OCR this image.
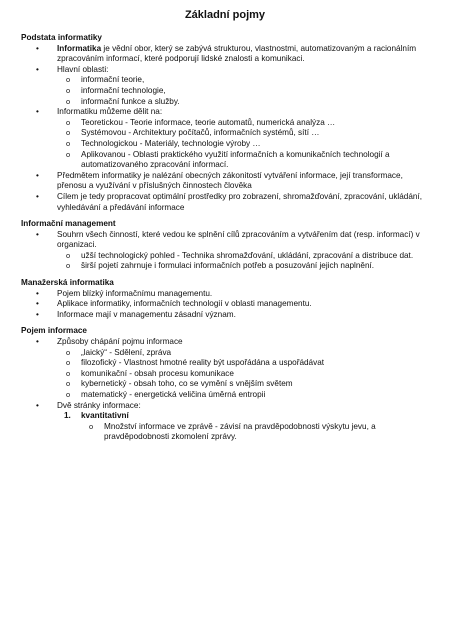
Základní pojmy
Podstata informatiky
• Informatika je vědní obor, který se zabývá strukturou, vlastnostmi, automatizovaným a racionálním zpracováním informací, které podporují lidské znalosti a komunikaci.
• Hlavní oblasti:
o informační teorie,
o informační technologie,
o informační funkce a služby.
• Informatiku můžeme dělit na:
o Teoretickou - Teorie informace, teorie automatů, numerická analýza …
o Systémovou - Architektury počítačů, informačních systémů, sítí …
o Technologickou - Materiály, technologie výroby …
o Aplikovanou - Oblasti praktického využití informačních a komunikačních technologií a automatizovaného zpracování informací.
• Předmětem informatiky je nalézání obecných zákonitostí vytváření informace, její transformace, přenosu a využívání v příslušných činnostech člověka
• Cílem je tedy propracovat optimální prostředky pro zobrazení, shromažďování, zpracování, ukládání, vyhledávání a předávání informace
Informační management
• Souhrn všech činností, které vedou ke splnění cílů zpracováním a vytvářením dat (resp. informací) v organizaci.
o užší technologický pohled - Technika shromažďování, ukládání, zpracování a distribuce dat.
o širší pojetí zahrnuje i formulaci informačních potřeb a posuzování jejich naplnění.
Manažerská informatika
• Pojem blízký informačnímu managementu.
• Aplikace informatiky, informačních technologií v oblasti managementu.
• Informace mají v managementu zásadní význam.
Pojem informace
• Způsoby chápání pojmu informace
o „laický“ - Sdělení, zpráva
o filozofický - Vlastnost hmotné reality být uspořádána a uspořádávat
o komunikační - obsah procesu komunikace
o kybernetický - obsah toho, co se vymění s vnějším světem
o matematický - energetická veličina úměrná entropii
• Dvě stránky informace:
1. kvantitativní
o Množství informace ve zprávě - závisí na pravděpodobnosti výskytu jevu, a pravděpodobnosti zkomolení zprávy.
